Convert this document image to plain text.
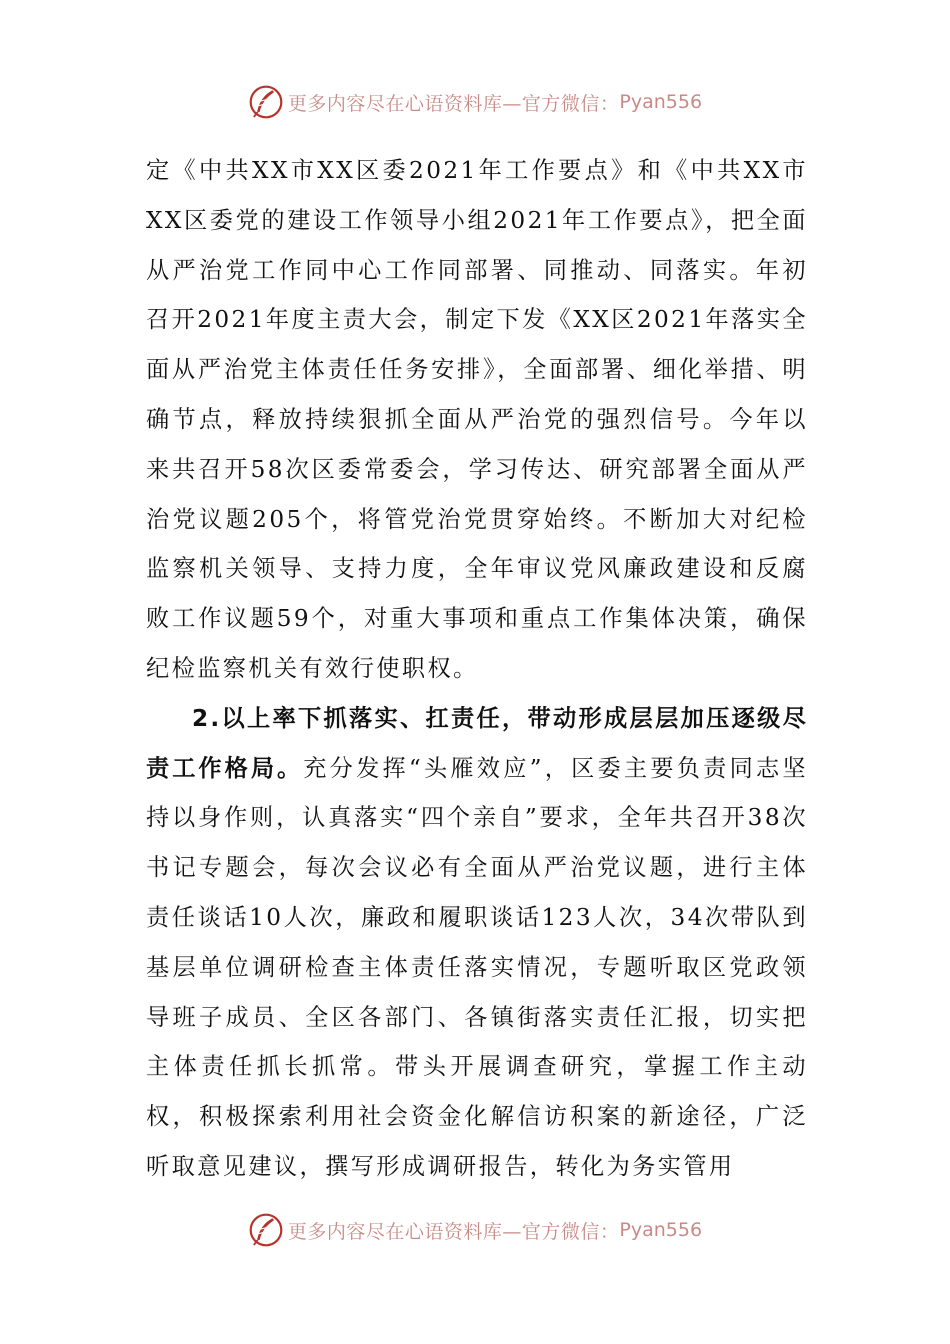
更多内容尽在心语资料库—官方微信： Pyan556

定《中共XX市XX区委2021年工作要点》和《中共XX市XX区委党的建设工作领导小组2021年工作要点》，把全面从严治党工作同中心工作同部署、同推动、同落实。年初召开2021年度主责大会，制定下发《XX区2021年落实全面从严治党主体责任任务安排》，全面部署、细化举措、明确节点，释放持续狠抓全面从严治党的强烈信号。今年以来共召开58次区委常委会，学习传达、研究部署全面从严治党议题205个，将管党治党贯穿始终。不断加大对纪检监察机关领导、支持力度，全年审议党风廉政建设和反腐败工作议题59个，对重大事项和重点工作集体决策，确保纪检监察机关有效行使职权。

2.以上率下抓落实、扛责任，带动形成层层加压逐级尽责工作格局。充分发挥“头雁效应”，区委主要负责同志坚持以身作则，认真落实“四个亲自”要求，全年共召开38次书记专题会，每次会议必有全面从严治党议题，进行主体责任谈话10人次，廉政和履职谈话123人次，34次带队到基层单位调研检查主体责任落实情况，专题听取区党政领导班子成员、全区各部门、各镇街落实责任汇报，切实把主体责任抓长抓常。带头开展调查研究，掌握工作主动权，积极探索利用社会资金化解信访积案的新途径，广泛听取意见建议，撰写形成调研报告，转化为务实管用

更多内容尽在心语资料库—官方微信： Pyan556
